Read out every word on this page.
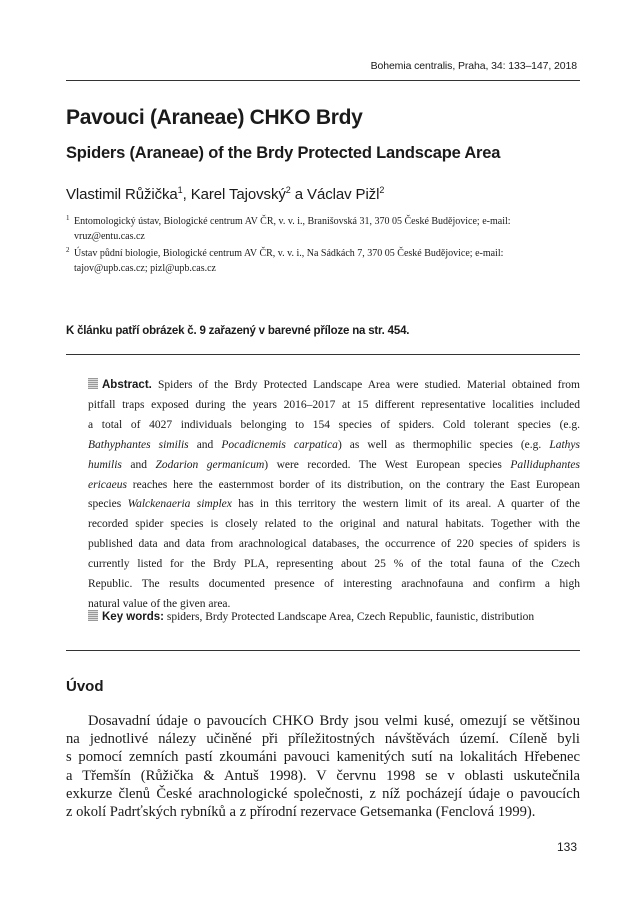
Bohemia centralis, Praha, 34: 133–147, 2018
Pavouci (Araneae) CHKO Brdy
Spiders (Araneae) of the Brdy Protected Landscape Area
Vlastimil Růžička$^1$, Karel Tajovský$^2$ a Václav Pižl$^2$
1 Entomologický ústav, Biologické centrum AV ČR, v. v. i., Branišovská 31, 370 05 České Budějovice; e-mail:
vruz@entu.cas.cz
2 Ústav půdní biologie, Biologické centrum AV ČR, v. v. i., Na Sádkách 7, 370 05 České Budějovice; e-mail:
tajov@upb.cas.cz; pizl@upb.cas.cz
K článku patří obrázek č. 9 zařazený v barevné příloze na str. 454.
Abstract. Spiders of the Brdy Protected Landscape Area were studied. Material obtained from
pitfall traps exposed during the years 2016–2017 at 15 different representative localities included
a total of 4027 individuals belonging to 154 species of spiders. Cold tolerant species (e.g.
Bathyphantes similis and Pocadicnemis carpatica) as well as thermophilic species (e.g. Lathys
humilis and Zodarion germanicum) were recorded. The West European species Palliduphantes
ericaeus reaches here the easternmost border of its distribution, on the contrary the East European
species Walckenaeria simplex has in this territory the western limit of its areal. A quarter of the
recorded spider species is closely related to the original and natural habitats. Together with the
published data and data from arachnological databases, the occurrence of 220 species of spiders is
currently listed for the Brdy PLA, representing about 25 % of the total fauna of the Czech
Republic. The results documented presence of interesting arachnofauna and confirm a high
natural value of the given area.
Key words: spiders, Brdy Protected Landscape Area, Czech Republic, faunistic, distribution
Úvod
Dosavadní údaje o pavoucích CHKO Brdy jsou velmi kusé, omezují se většinou
na jednotlivé nálezy učiněné při příležitostných návštěvách území. Cíleně byli
s pomocí zemních pastí zkoumáni pavouci kamenitých sutí na lokalitách Hřebenec
a Třemšín (Růžička & Antuš 1998). V červnu 1998 se v oblasti uskutečnila
exkurze členů České arachnologické společnosti, z níž pocházejí údaje o pavoucích
z okolí Padrťských rybníků a z přírodní rezervace Getsemanka (Fenclová 1999).
133
